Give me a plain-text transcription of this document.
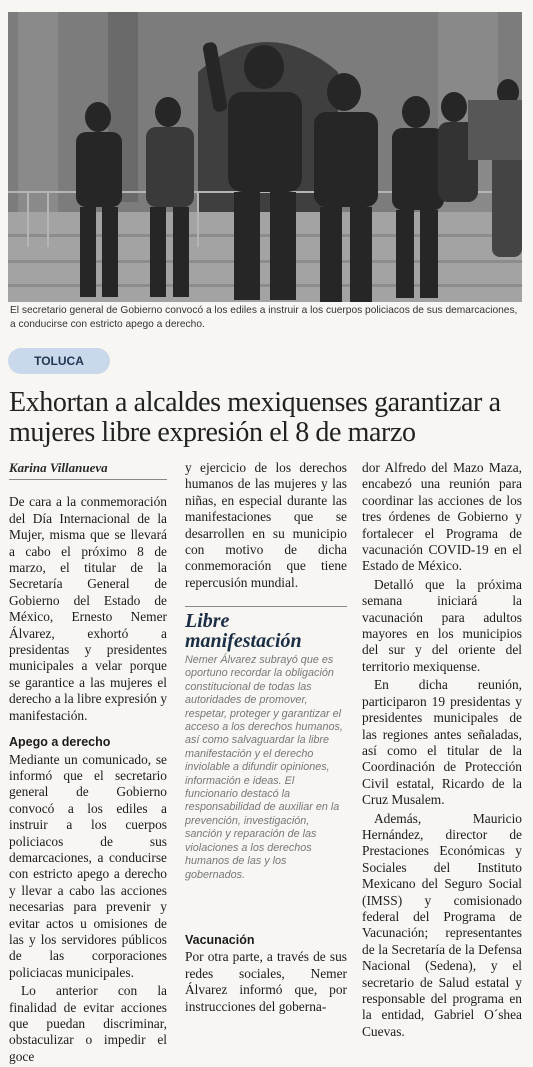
El secretario general de Gobierno convocó a los ediles a instruir a los cuerpos policiacos de sus demarcaciones, a conducirse con estricto apego a derecho.
TOLUCA
Exhortan a alcaldes mexiquenses garantizar a mujeres libre expresión el 8 de marzo
Karina Villanueva

De cara a la conmemoración del Día Internacional de la Mujer, misma que se llevará a cabo el próximo 8 de marzo, el titular de la Secretaría General de Gobierno del Estado de México, Ernesto Nemer Álvarez, exhortó a presidentas y presidentes municipales a velar porque se garantice a las mujeres el derecho a la libre expresión y manifestación.

Apego a derecho

Mediante un comunicado, se informó que el secretario general de Gobierno convocó a los ediles a instruir a los cuerpos policiacos de sus demarcaciones, a conducirse con estricto apego a derecho y llevar a cabo las acciones necesarias para prevenir y evitar actos u omisiones de las y los servidores públicos de las corporaciones policiacas municipales.

Lo anterior con la finalidad de evitar acciones que puedan discriminar, obstaculizar o impedir el goce

y ejercicio de los derechos humanos de las mujeres y las niñas, en especial durante las manifestaciones que se desarrollen en su municipio con motivo de dicha conmemoración que tiene repercusión mundial.

Libre manifestación

Nemer Álvarez subrayó que es oportuno recordar la obligación constitucional de todas las autoridades de promover, respetar, proteger y garantizar el acceso a los derechos humanos, así como salvaguardar la libre manifestación y el derecho inviolable a difundir opiniones, información e ideas. El funcionario destacó la responsabilidad de auxiliar en la prevención, investigación, sanción y reparación de las violaciones a los derechos humanos de las y los gobernados.

Vacunación

Por otra parte, a través de sus redes sociales, Nemer Álvarez informó que, por instrucciones del goberna-

dor Alfredo del Mazo Maza, encabezó una reunión para coordinar las acciones de los tres órdenes de Gobierno y fortalecer el Programa de vacunación COVID-19 en el Estado de México.

Detalló que la próxima semana iniciará la vacunación para adultos mayores en los municipios del sur y del oriente del territorio mexiquense.

En dicha reunión, participaron 19 presidentas y presidentes municipales de las regiones antes señaladas, así como el titular de la Coordinación de Protección Civil estatal, Ricardo de la Cruz Musalem.

Además, Mauricio Hernández, director de Prestaciones Económicas y Sociales del Instituto Mexicano del Seguro Social (IMSS) y comisionado federal del Programa de Vacunación; representantes de la Secretaría de la Defensa Nacional (Sedena), y el secretario de Salud estatal y responsable del programa en la entidad, Gabriel O´shea Cuevas.
